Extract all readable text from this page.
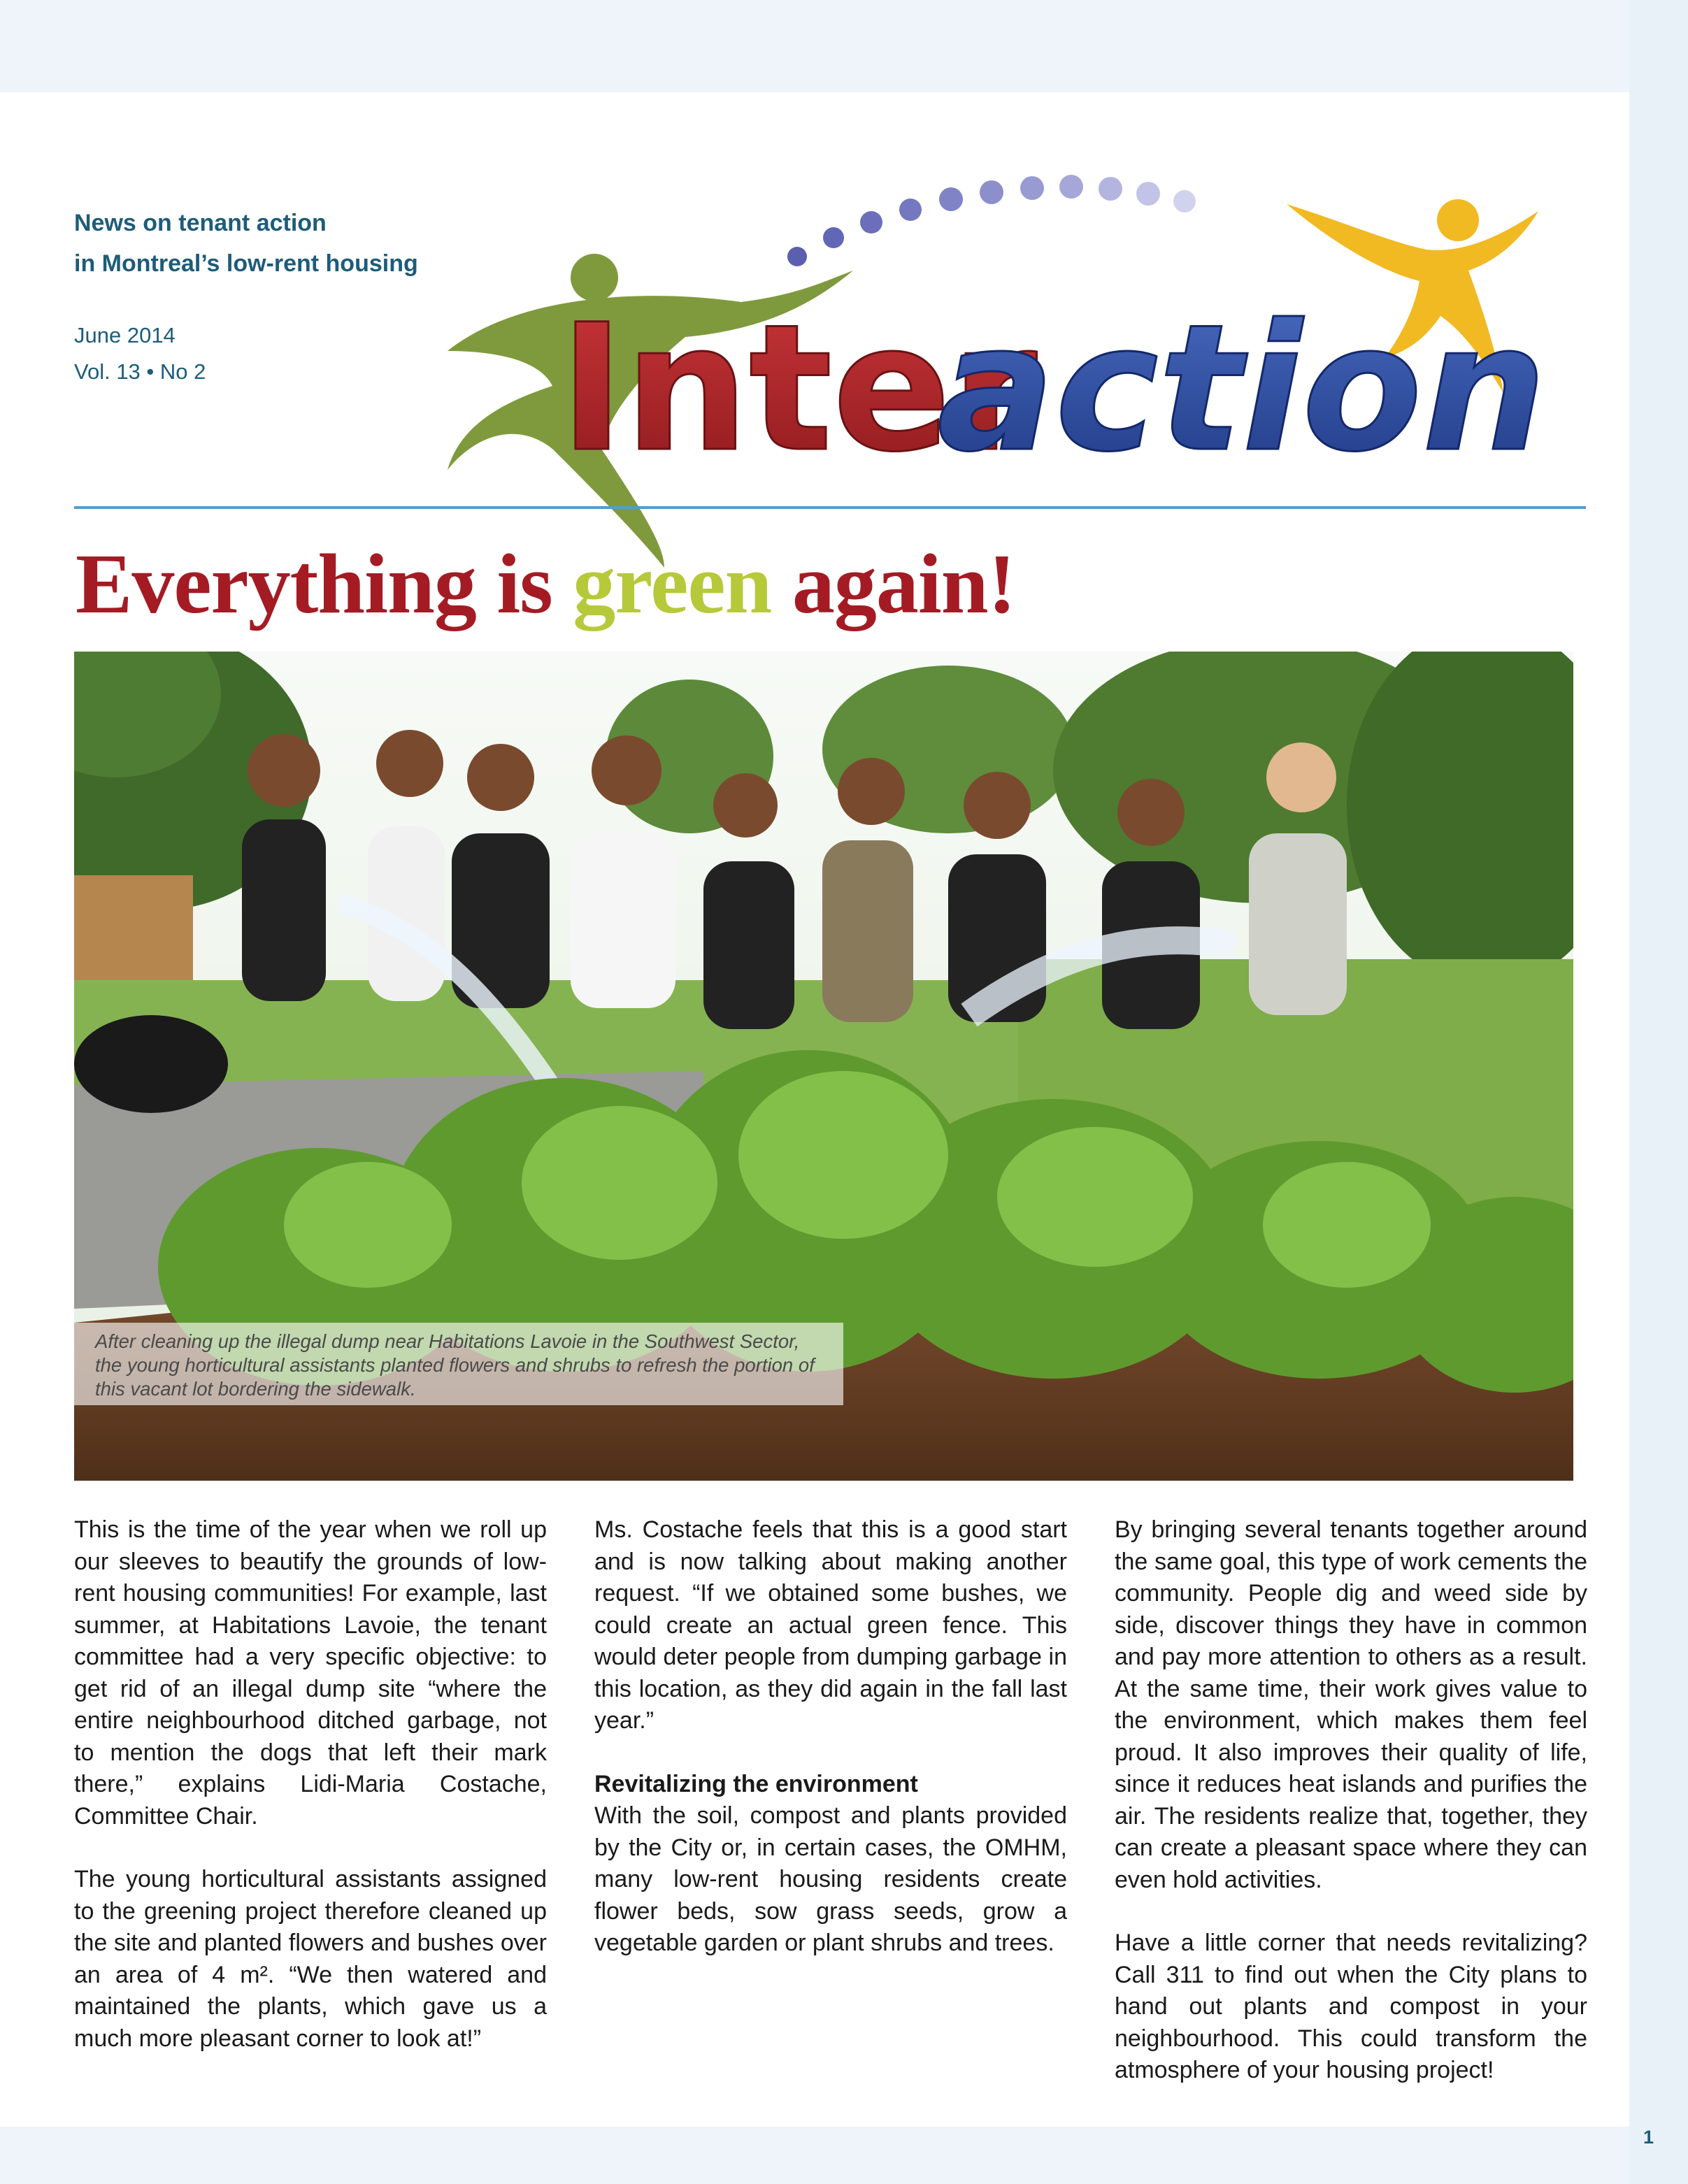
News on tenant action
in Montreal’s low-rent housing
June 2014
Vol. 13 • No 2 Inter
action
Everything is green again!
After cleaning up the illegal dump near Habitations Lavoie in the Southwest Sector, the young horticultural assistants planted flowers and shrubs to refresh the portion of this vacant lot bordering the sidewalk.

This is the time of the year when we roll up our sleeves to beautify the grounds of low-rent housing communities! For example, last summer, at Habitations Lavoie, the tenant committee had a very specific objective: to get rid of an illegal dump site “where the entire neighbourhood ditched garbage, not to mention the dogs that left their mark there,” explains Lidi-Maria Costache, Committee Chair.

The young horticultural assistants assigned to the greening project therefore cleaned up the site and planted flowers and bushes over an area of 4 m². “We then watered and maintained the plants, which gave us a much more pleasant corner to look at!”

Ms. Costache feels that this is a good start and is now talking about making another request. “If we obtained some bushes, we could create an actual green fence. This would deter people from dumping garbage in this location, as they did again in the fall last year.”

Revitalizing the environment

With the soil, compost and plants provided by the City or, in certain cases, the OMHM, many low-rent housing residents create flower beds, sow grass seeds, grow a vegetable garden or plant shrubs and trees.

By bringing several tenants together around the same goal, this type of work cements the community. People dig and weed side by side, discover things they have in common and pay more attention to others as a result. At the same time, their work gives value to the environment, which makes them feel proud. It also improves their quality of life, since it reduces heat islands and purifies the air. The residents realize that, together, they can create a pleasant space where they can even hold activities.

Have a little corner that needs revitalizing? Call 311 to find out when the City plans to hand out plants and compost in your neighbourhood. This could transform the atmosphere of your housing project!

1
